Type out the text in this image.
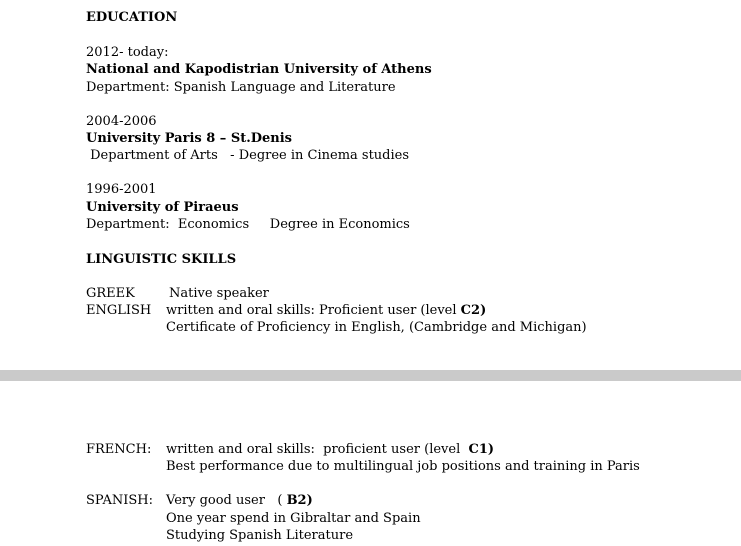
EDUCATION
2012- today:
National and Kapodistrian University of Athens
Department: Spanish Language and Literature
2004-2006
University Paris 8 – St.Denis
Department of Arts   - Degree in Cinema studies
1996-2001
University of Piraeus
Department:  Economics     Degree in Economics
LINGUISTIC SKILLS
GREEK	Native speaker
ENGLISH written and oral skills: Proficient user (level C2)
Certificate of Proficiency in English, (Cambridge and Michigan)
FRENCH: written and oral skills:  proficient user (level  C1)
Best performance due to multilingual job positions and training in Paris
SPANISH: Very good user   ( B2)
One year spend in Gibraltar and Spain
Studying Spanish Literature
